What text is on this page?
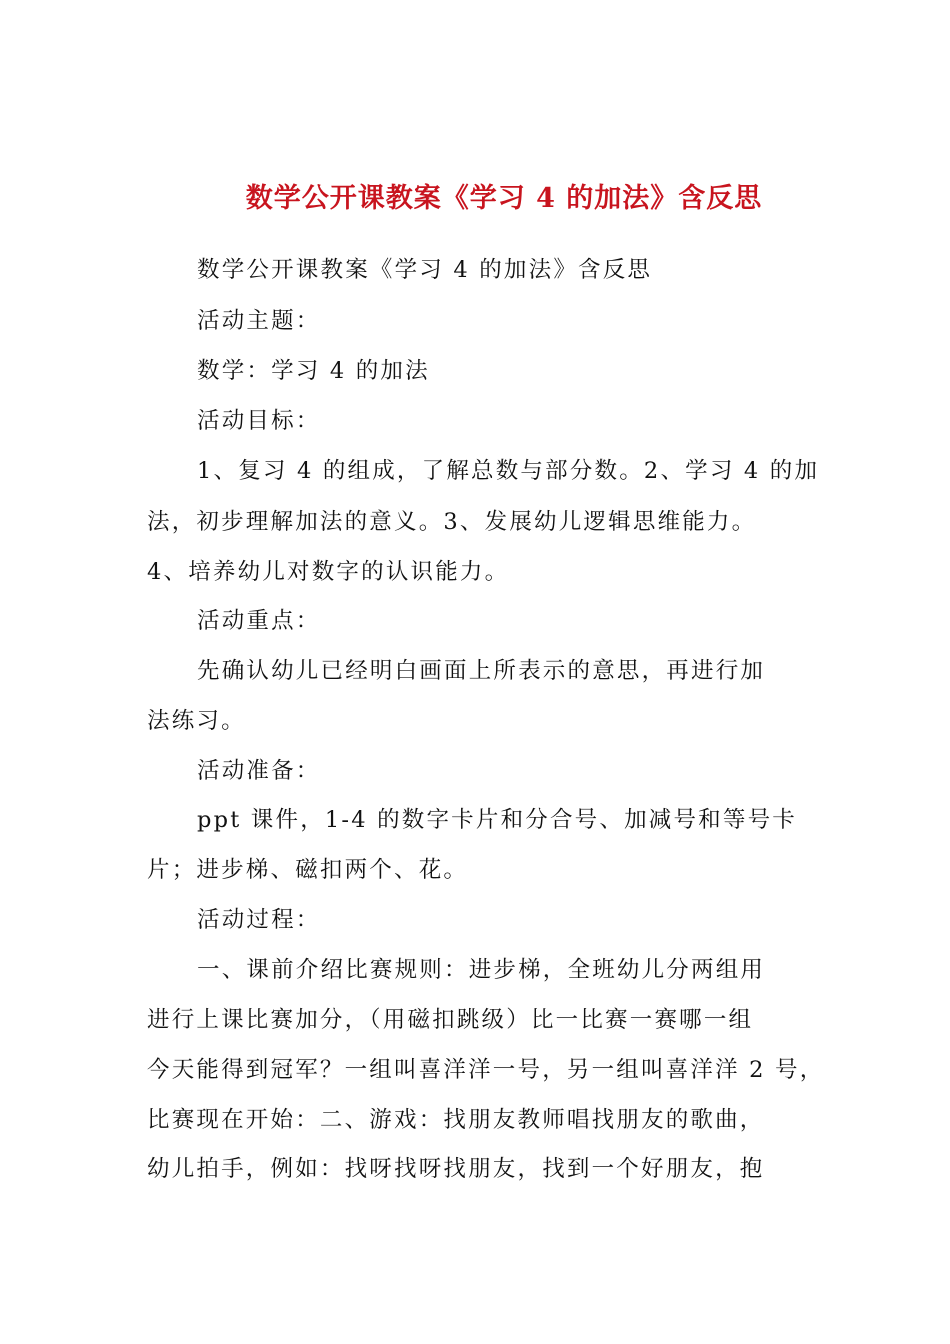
数学公开课教案《学习 4 的加法》含反思
数学公开课教案《学习 4 的加法》含反思
活动主题：
数学：学习 4 的加法
活动目标：
1、复习 4 的组成，了解总数与部分数。2、学习 4 的加
法，初步理解加法的意义。3、发展幼儿逻辑思维能力。
4、培养幼儿对数字的认识能力。
活动重点：
先确认幼儿已经明白画面上所表示的意思，再进行加
法练习。
活动准备：
ppt 课件，1-4 的数字卡片和分合号、加减号和等号卡
片；进步梯、磁扣两个、花。
活动过程：
一、课前介绍比赛规则：进步梯，全班幼儿分两组用
进行上课比赛加分，（用磁扣跳级）比一比赛一赛哪一组
今天能得到冠军？一组叫喜洋洋一号，另一组叫喜洋洋 2 号，
比赛现在开始：二、游戏：找朋友教师唱找朋友的歌曲，
幼儿拍手，例如：找呀找呀找朋友，找到一个好朋友，抱
